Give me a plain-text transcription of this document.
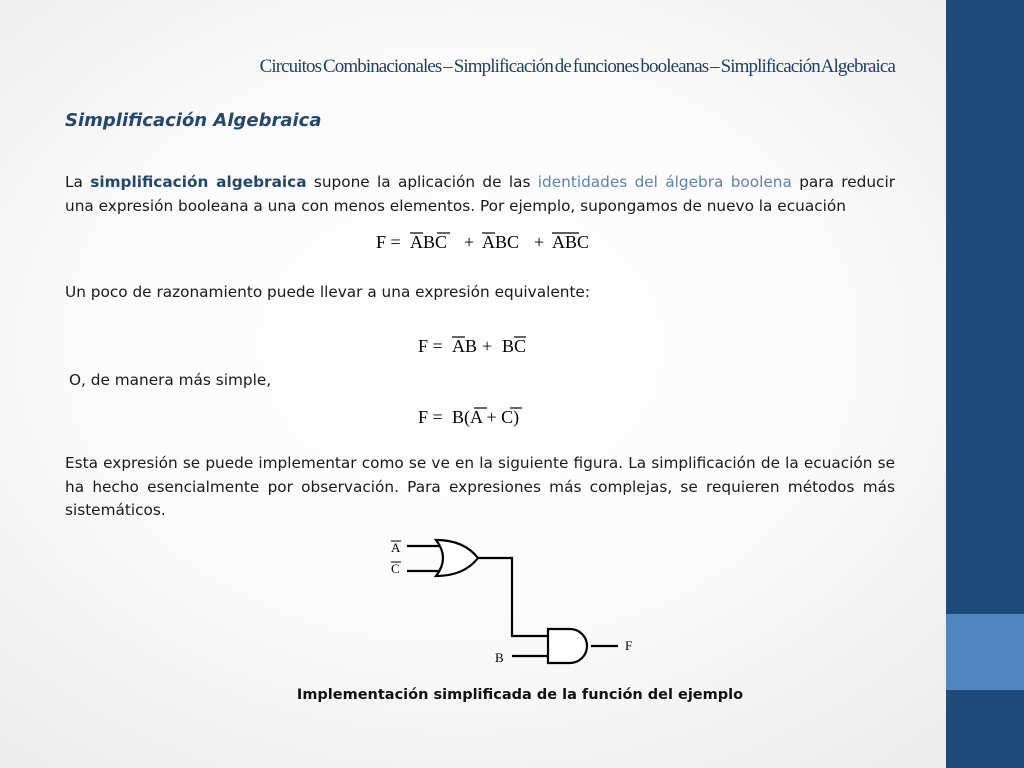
Circuitos Combinacionales – Simplificación de funciones booleanas – Simplificación Algebraica
Simplificación Algebraica

La simplificación algebraica supone la aplicación de las identidades del álgebra boolena para reducir una expresión booleana a una con menos elementos. Por ejemplo, supongamos de nuevo la ecuación

F = ABC + ABC + ABC

Un poco de razonamiento puede llevar a una expresión equivalente:

F = AB + BC

O, de manera más simple,

F = B(A + C)

Esta expresión se puede implementar como se ve en la siguiente figura. La simplificación de la ecuación se ha hecho esencialmente por observación. Para expresiones más complejas, se requieren métodos más sistemáticos.

A
C
B
F

Implementación simplificada de la función del ejemplo
